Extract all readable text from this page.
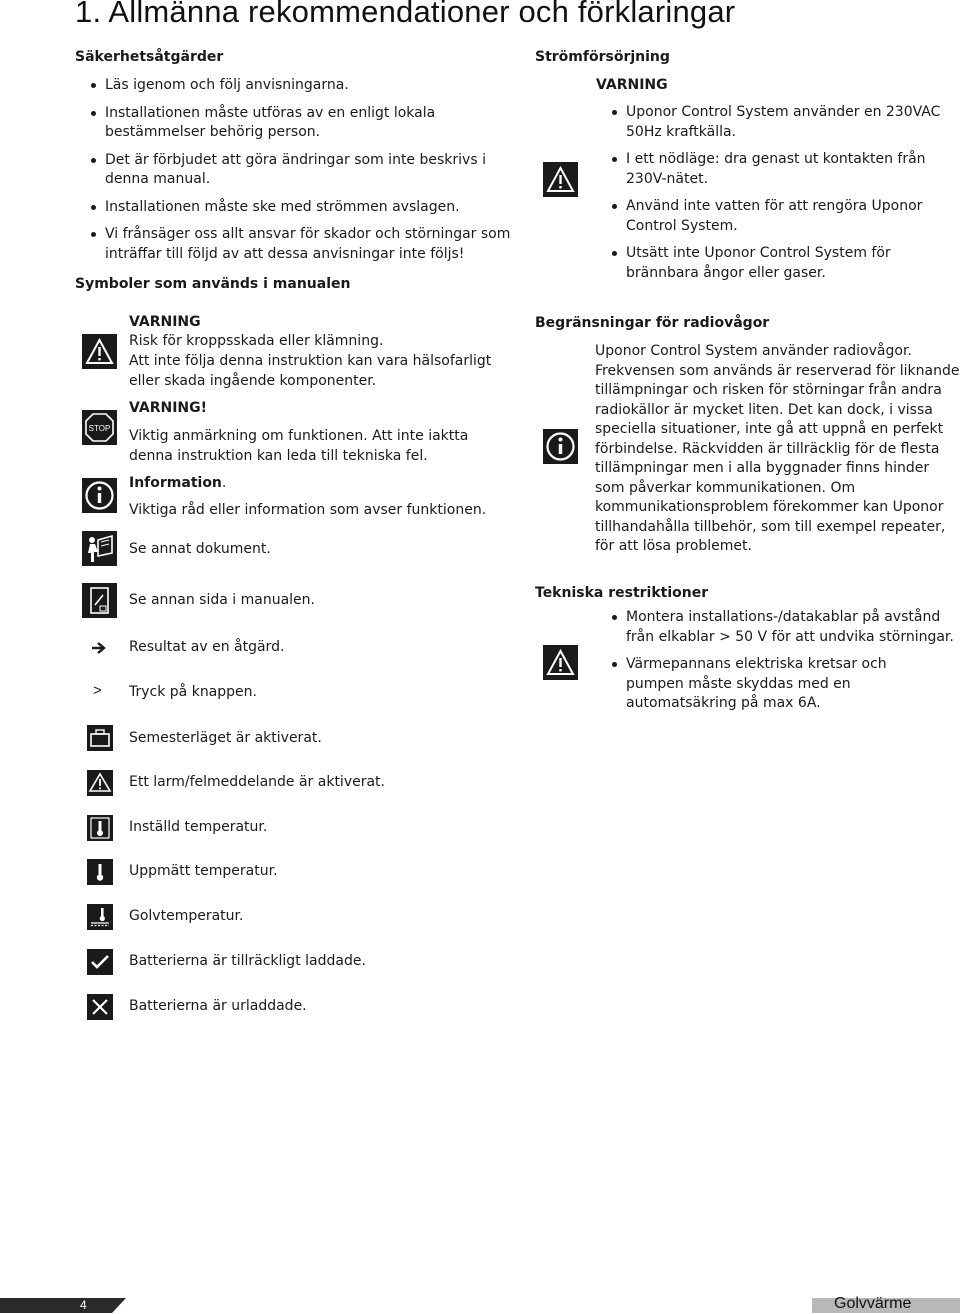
1. Allmänna rekommendationer och förklaringar
Säkerhetsåtgärder
Läs igenom och följ anvisningarna.
Installationen måste utföras av en enligt lokala bestämmelser behörig person.
Det är förbjudet att göra ändringar som inte beskrivs i denna manual.
Installationen måste ske med strömmen avslagen.
Vi frånsäger oss allt ansvar för skador och störningar som inträffar till följd av att dessa anvisningar inte följs!
Symboler som används i manualen
VARNING
Risk för kroppsskada eller klämning.
Att inte följa denna instruktion kan vara hälsofarligt eller skada ingående komponenter.
STOP
VARNING!
Viktig anmärkning om funktionen. Att inte iaktta denna instruktion kan leda till tekniska fel.
Information.
Viktiga råd eller information som avser funktionen.
Se annat dokument.
Se annan sida i manualen.
Resultat av en åtgärd.
> Tryck på knappen.
Semesterläget är aktiverat.
Ett larm/felmeddelande är aktiverat.
Inställd temperatur.
Uppmätt temperatur.
Golvtemperatur.
Batterierna är tillräckligt laddade.
Batterierna är urladdade.
Strömförsörjning
VARNING
Uponor Control System använder en 230VAC 50Hz kraftkälla.
I ett nödläge: dra genast ut kontakten från 230V-nätet.
Använd inte vatten för att rengöra Uponor Control System.
Utsätt inte Uponor Control System för brännbara ångor eller gaser.
Begränsningar för radiovågor
Uponor Control System använder radiovågor. Frekvensen som används är reserverad för liknande tillämpningar och risken för störningar från andra radiokällor är mycket liten. Det kan dock, i vissa speciella situationer, inte gå att uppnå en perfekt förbindelse. Räckvidden är tillräcklig för de flesta tillämpningar men i alla byggnader finns hinder som påverkar kommunikationen. Om kommunikationsproblem förekommer kan Uponor tillhandahålla tillbehör, som till exempel repeater, för att lösa problemet.
Tekniska restriktioner
Montera installations-/datakablar på avstånd från elkablar > 50 V för att undvika störningar.
Värmepannans elektriska kretsar och pumpen måste skyddas med en automatsäkring på max 6A.
4	Golvvärme
